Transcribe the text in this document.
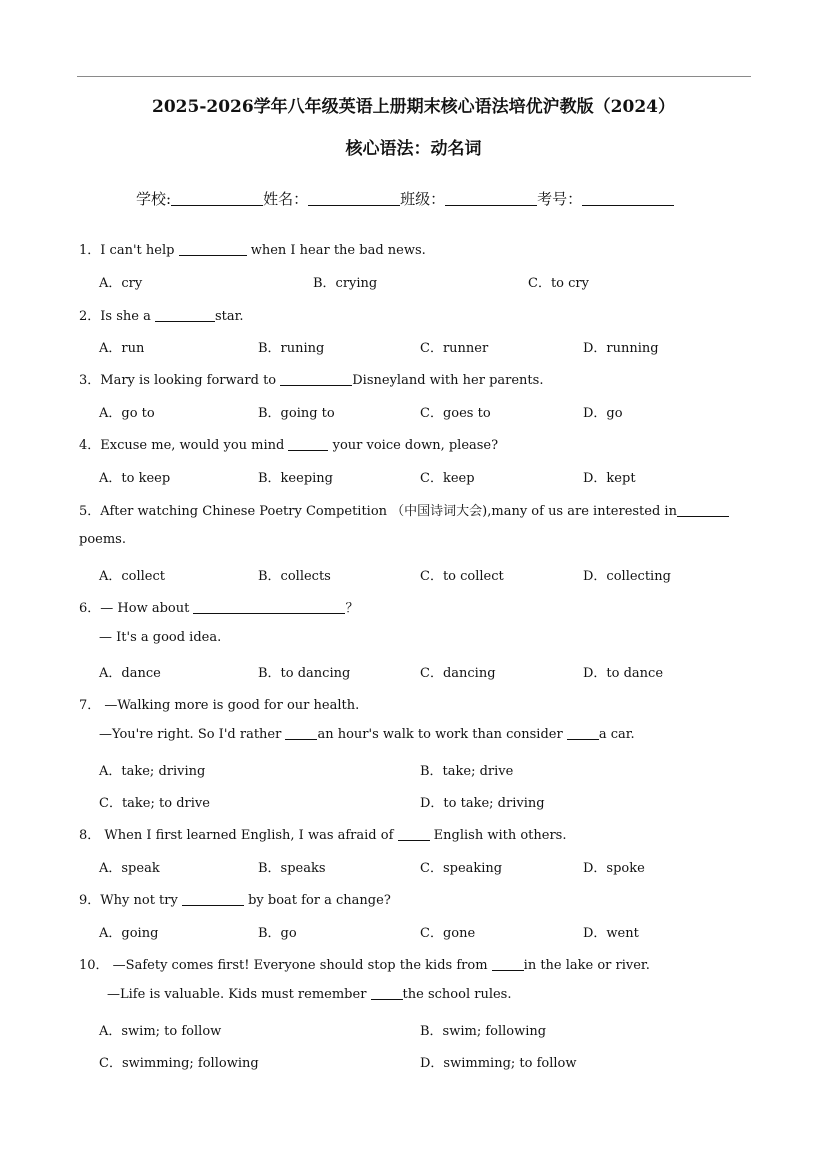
2025-2026学年八年级英语上册期末核心语法培优沪教版（2024）
核心语法：动名词
学校:	姓名：	班级：	考号：
1．I can't help	when I hear the bad news.
A．cry	B．crying	C．to cry
2．Is she a	star.
A．run	B．runing	C．runner	D．running
3．Mary is looking forward to	Disneyland with her parents.
A．go to	B．going to	C．goes to	D．go
4．Excuse me, would you mind	your voice down, please?
A．to keep	B．keeping	C．keep	D．kept
5．After watching Chinese Poetry Competition （中国诗词大会),many of us are interested in
poems.
A．collect	B．collects	C．to collect	D．collecting
6．— How about	？
— It's a good idea.
A．dance	B．to dancing	C．dancing	D．to dance
7． —Walking more is good for our health.
—You're right. So I'd rather an hour's walk to work than consider a car.
A．take; driving	B．take; drive
C．take; to drive	D．to take; driving
8． When I first learned English, I was afraid of  English with others.
A．speak	B．speaks	C．speaking	D．spoke
9．Why not try	by boat for a change?
A．going	B．go	C．gone	D．went
10． —Safety comes first! Everyone should stop the kids from in the lake or river.
—Life is valuable. Kids must remember the school rules.
A．swim; to follow	B．swim; following
C．swimming; following	D．swimming; to follow
